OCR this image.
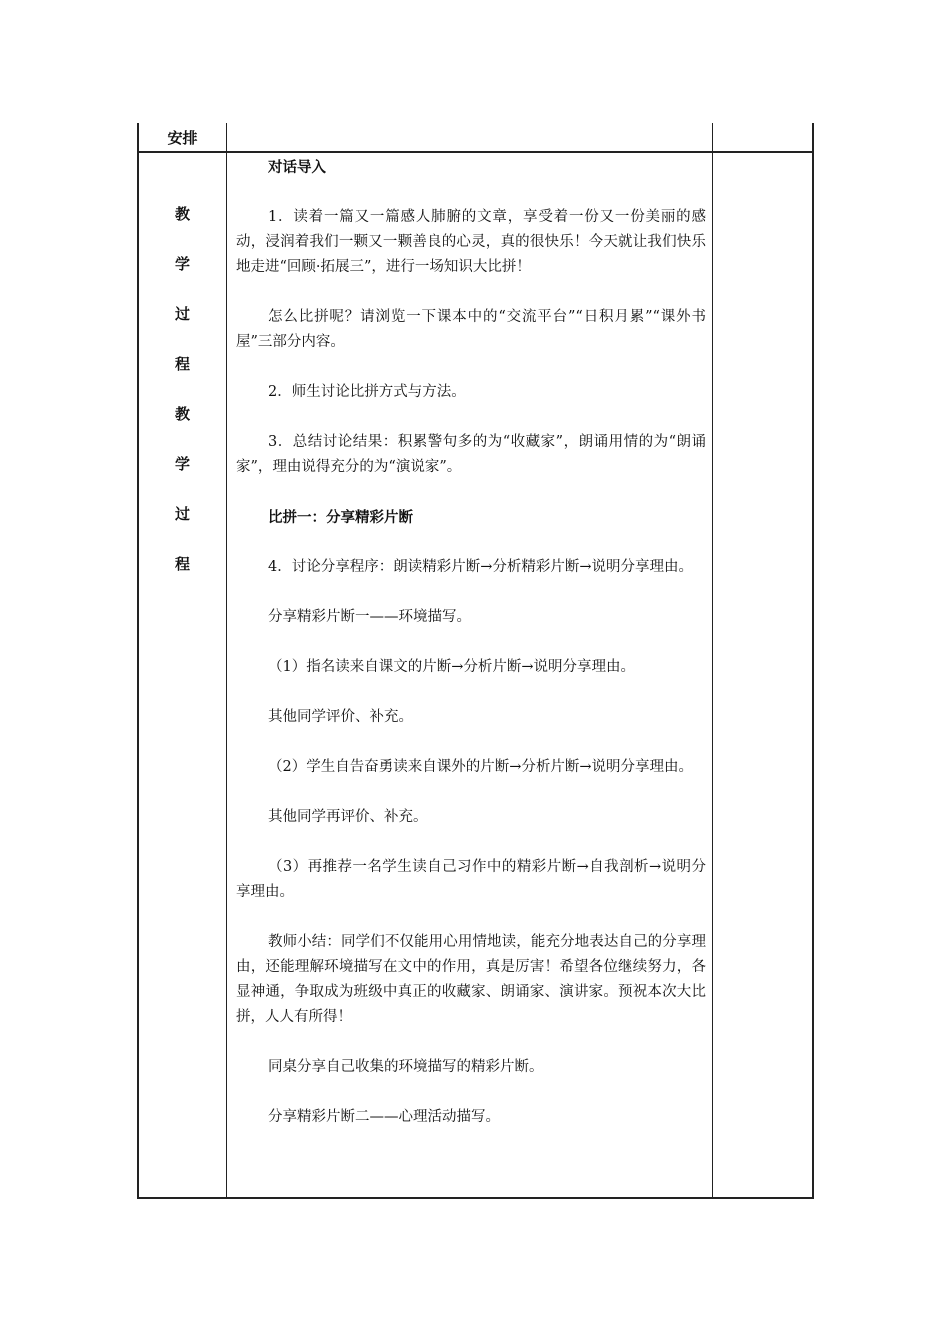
安排
教
学
过
程
教
学
过
程

对话导入

1．读着一篇又一篇感人肺腑的文章，享受着一份又一份美丽的感动，浸润着我们一颗又一颗善良的心灵，真的很快乐！今天就让我们快乐地走进“回顾·拓展三”，进行一场知识大比拼！

怎么比拼呢？请浏览一下课本中的“交流平台”“日积月累”“课外书屋”三部分内容。

2．师生讨论比拼方式与方法。

3．总结讨论结果：积累警句多的为“收藏家”，朗诵用情的为“朗诵家”，理由说得充分的为“演说家”。

比拼一：分享精彩片断

4．讨论分享程序：朗读精彩片断→分析精彩片断→说明分享理由。

分享精彩片断一——环境描写。

（1）指名读来自课文的片断→分析片断→说明分享理由。

其他同学评价、补充。

（2）学生自告奋勇读来自课外的片断→分析片断→说明分享理由。

其他同学再评价、补充。

（3）再推荐一名学生读自己习作中的精彩片断→自我剖析→说明分享理由。

教师小结：同学们不仅能用心用情地读，能充分地表达自己的分享理由，还能理解环境描写在文中的作用，真是厉害！希望各位继续努力，各显神通，争取成为班级中真正的收藏家、朗诵家、演讲家。预祝本次大比拼，人人有所得！

同桌分享自己收集的环境描写的精彩片断。

分享精彩片断二——心理活动描写。
